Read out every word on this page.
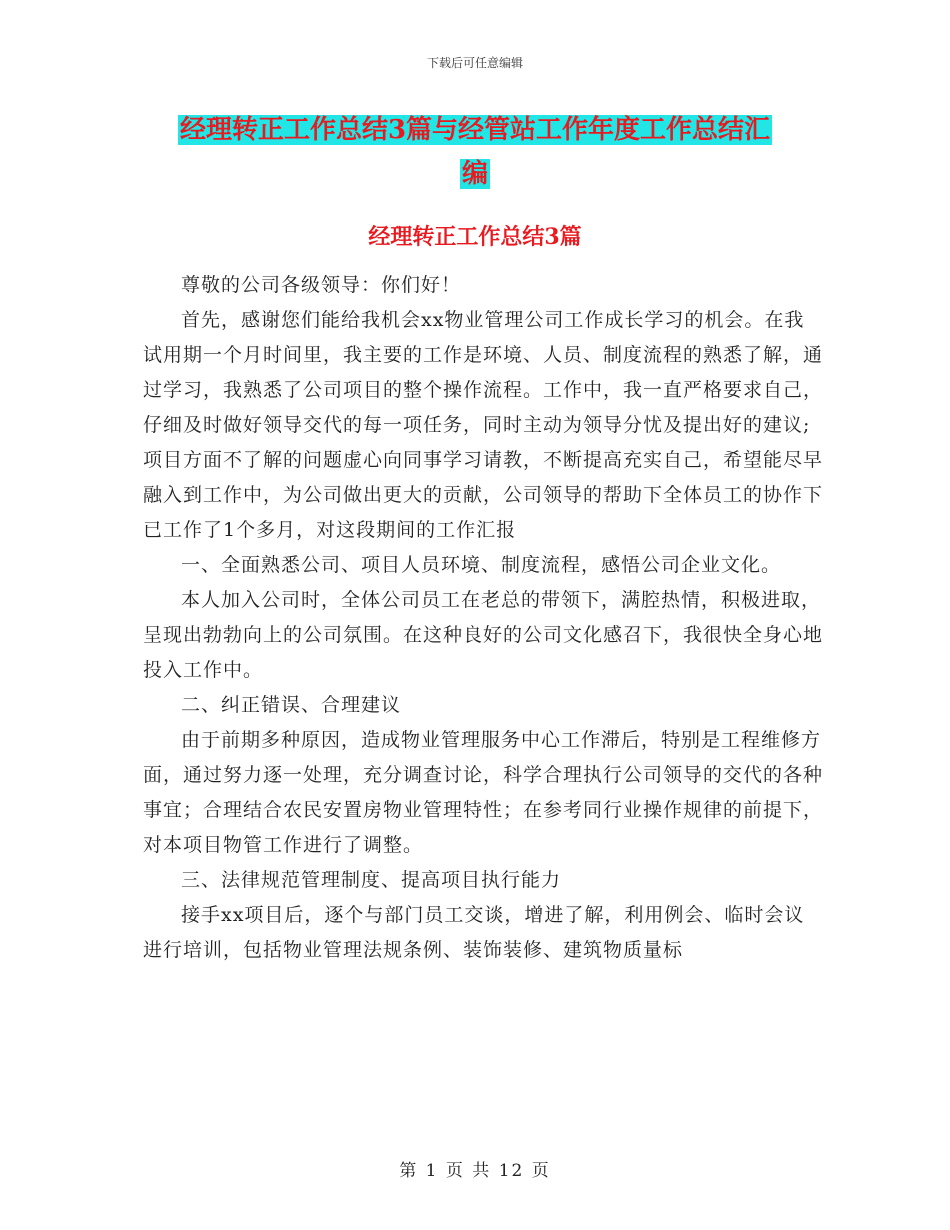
下载后可任意编辑
经理转正工作总结3篇与经管站工作年度工作总结汇
编
经理转正工作总结3篇

尊敬的公司各级领导：你们好！

首先，感谢您们能给我机会xx物业管理公司工作成长学习的机会。在我试用期一个月时间里，我主要的工作是环境、人员、制度流程的熟悉了解，通过学习，我熟悉了公司项目的整个操作流程。工作中，我一直严格要求自己，仔细及时做好领导交代的每一项任务，同时主动为领导分忧及提出好的建议;项目方面不了解的问题虚心向同事学习请教，不断提高充实自己，希望能尽早融入到工作中，为公司做出更大的贡献，公司领导的帮助下全体员工的协作下已工作了1个多月，对这段期间的工作汇报

一、全面熟悉公司、项目人员环境、制度流程，感悟公司企业文化。

本人加入公司时，全体公司员工在老总的带领下，满腔热情，积极进取，呈现出勃勃向上的公司氛围。在这种良好的公司文化感召下，我很快全身心地投入工作中。

二、纠正错误、合理建议

由于前期多种原因，造成物业管理服务中心工作滞后，特别是工程维修方面，通过努力逐一处理，充分调查讨论，科学合理执行公司领导的交代的各种事宜；合理结合农民安置房物业管理特性；在参考同行业操作规律的前提下，对本项目物管工作进行了调整。

三、法律规范管理制度、提高项目执行能力

接手xx项目后，逐个与部门员工交谈，增进了解，利用例会、临时会议进行培训，包括物业管理法规条例、装饰装修、建筑物质量标

第 1 页 共 12 页
